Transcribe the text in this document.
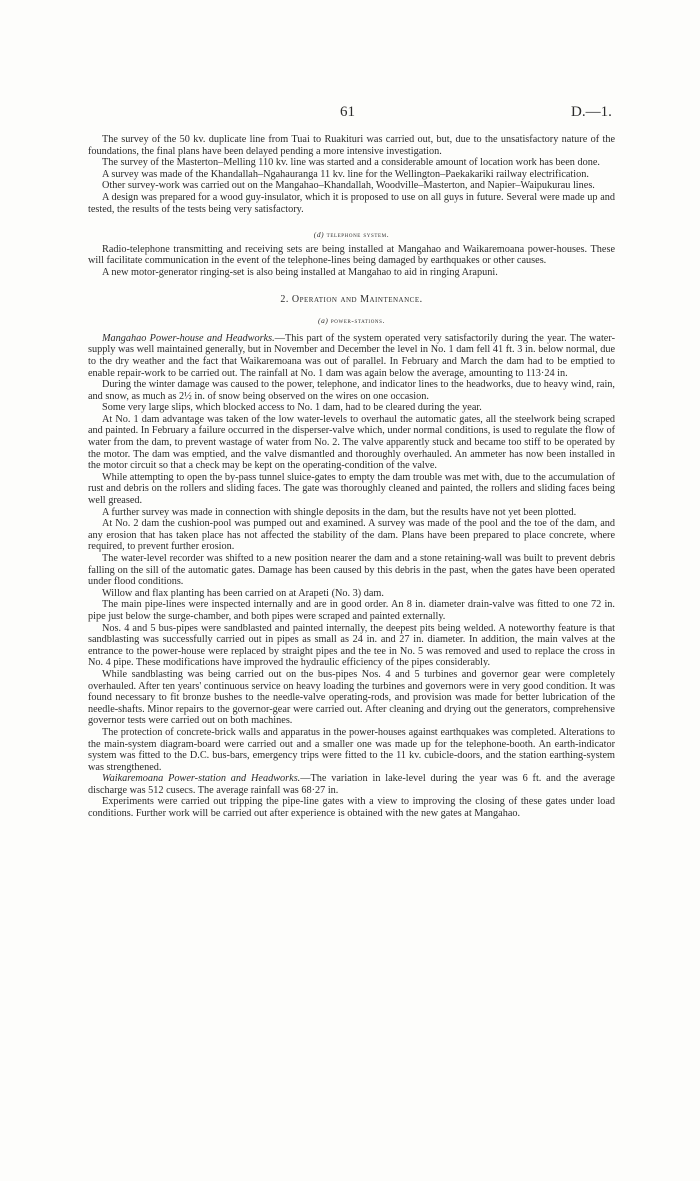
61	D.—1.

The survey of the 50 kv. duplicate line from Tuai to Ruakituri was carried out, but, due to the unsatisfactory nature of the foundations, the final plans have been delayed pending a more intensive investigation.

The survey of the Masterton–Melling 110 kv. line was started and a considerable amount of location work has been done.

A survey was made of the Khandallah–Ngahauranga 11 kv. line for the Wellington–Paekakariki railway electrification.

Other survey-work was carried out on the Mangahao–Khandallah, Woodville–Masterton, and Napier–Waipukurau lines.

A design was prepared for a wood guy-insulator, which it is proposed to use on all guys in future. Several were made up and tested, the results of the tests being very satisfactory.

(d) telephone system.

Radio-telephone transmitting and receiving sets are being installed at Mangahao and Waikaremoana power-houses. These will facilitate communication in the event of the telephone-lines being damaged by earthquakes or other causes.

A new motor-generator ringing-set is also being installed at Mangahao to aid in ringing Arapuni.

2. Operation and Maintenance.
(a) power-stations.

Mangahao Power-house and Headworks.—This part of the system operated very satisfactorily during the year. The water-supply was well maintained generally, but in November and December the level in No. 1 dam fell 41 ft. 3 in. below normal, due to the dry weather and the fact that Waikaremoana was out of parallel. In February and March the dam had to be emptied to enable repair-work to be carried out. The rainfall at No. 1 dam was again below the average, amounting to 113·24 in.

During the winter damage was caused to the power, telephone, and indicator lines to the headworks, due to heavy wind, rain, and snow, as much as 2½ in. of snow being observed on the wires on one occasion.

Some very large slips, which blocked access to No. 1 dam, had to be cleared during the year.

At No. 1 dam advantage was taken of the low water-levels to overhaul the automatic gates, all the steelwork being scraped and painted. In February a failure occurred in the disperser-valve which, under normal conditions, is used to regulate the flow of water from the dam, to prevent wastage of water from No. 2. The valve apparently stuck and became too stiff to be operated by the motor. The dam was emptied, and the valve dismantled and thoroughly overhauled. An ammeter has now been installed in the motor circuit so that a check may be kept on the operating-condition of the valve.

While attempting to open the by-pass tunnel sluice-gates to empty the dam trouble was met with, due to the accumulation of rust and debris on the rollers and sliding faces. The gate was thoroughly cleaned and painted, the rollers and sliding faces being well greased.

A further survey was made in connection with shingle deposits in the dam, but the results have not yet been plotted.

At No. 2 dam the cushion-pool was pumped out and examined. A survey was made of the pool and the toe of the dam, and any erosion that has taken place has not affected the stability of the dam. Plans have been prepared to place concrete, where required, to prevent further erosion.

The water-level recorder was shifted to a new position nearer the dam and a stone retaining-wall was built to prevent debris falling on the sill of the automatic gates. Damage has been caused by this debris in the past, when the gates have been operated under flood conditions.

Willow and flax planting has been carried on at Arapeti (No. 3) dam.

The main pipe-lines were inspected internally and are in good order. An 8 in. diameter drain-valve was fitted to one 72 in. pipe just below the surge-chamber, and both pipes were scraped and painted externally.

Nos. 4 and 5 bus-pipes were sandblasted and painted internally, the deepest pits being welded. A noteworthy feature is that sandblasting was successfully carried out in pipes as small as 24 in. and 27 in. diameter. In addition, the main valves at the entrance to the power-house were replaced by straight pipes and the tee in No. 5 was removed and used to replace the cross in No. 4 pipe. These modifications have improved the hydraulic efficiency of the pipes considerably.

While sandblasting was being carried out on the bus-pipes Nos. 4 and 5 turbines and governor gear were completely overhauled. After ten years' continuous service on heavy loading the turbines and governors were in very good condition. It was found necessary to fit bronze bushes to the needle-valve operating-rods, and provision was made for better lubrication of the needle-shafts. Minor repairs to the governor-gear were carried out. After cleaning and drying out the generators, comprehensive governor tests were carried out on both machines.

The protection of concrete-brick walls and apparatus in the power-houses against earthquakes was completed. Alterations to the main-system diagram-board were carried out and a smaller one was made up for the telephone-booth. An earth-indicator system was fitted to the D.C. bus-bars, emergency trips were fitted to the 11 kv. cubicle-doors, and the station earthing-system was strengthened.

Waikaremoana Power-station and Headworks.—The variation in lake-level during the year was 6 ft. and the average discharge was 512 cusecs. The average rainfall was 68·27 in.

Experiments were carried out tripping the pipe-line gates with a view to improving the closing of these gates under load conditions. Further work will be carried out after experience is obtained with the new gates at Mangahao.
